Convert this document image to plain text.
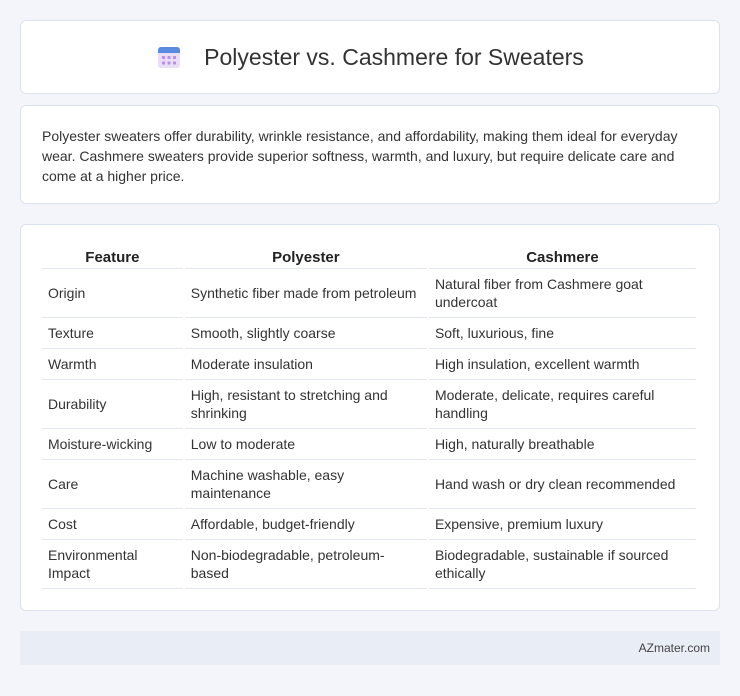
Polyester vs. Cashmere for Sweaters

Polyester sweaters offer durability, wrinkle resistance, and affordability, making them ideal for everyday wear. Cashmere sweaters provide superior softness, warmth, and luxury, but require delicate care and come at a higher price.

Feature	Polyester	Cashmere
Origin	Synthetic fiber made from petroleum	Natural fiber from Cashmere goat undercoat
Texture	Smooth, slightly coarse	Soft, luxurious, fine
Warmth	Moderate insulation	High insulation, excellent warmth
Durability	High, resistant to stretching and shrinking	Moderate, delicate, requires careful handling
Moisture-wicking	Low to moderate	High, naturally breathable
Care	Machine washable, easy maintenance	Hand wash or dry clean recommended
Cost	Affordable, budget-friendly	Expensive, premium luxury
Environmental Impact	Non-biodegradable, petroleum-based	Biodegradable, sustainable if sourced ethically
AZmater.com
